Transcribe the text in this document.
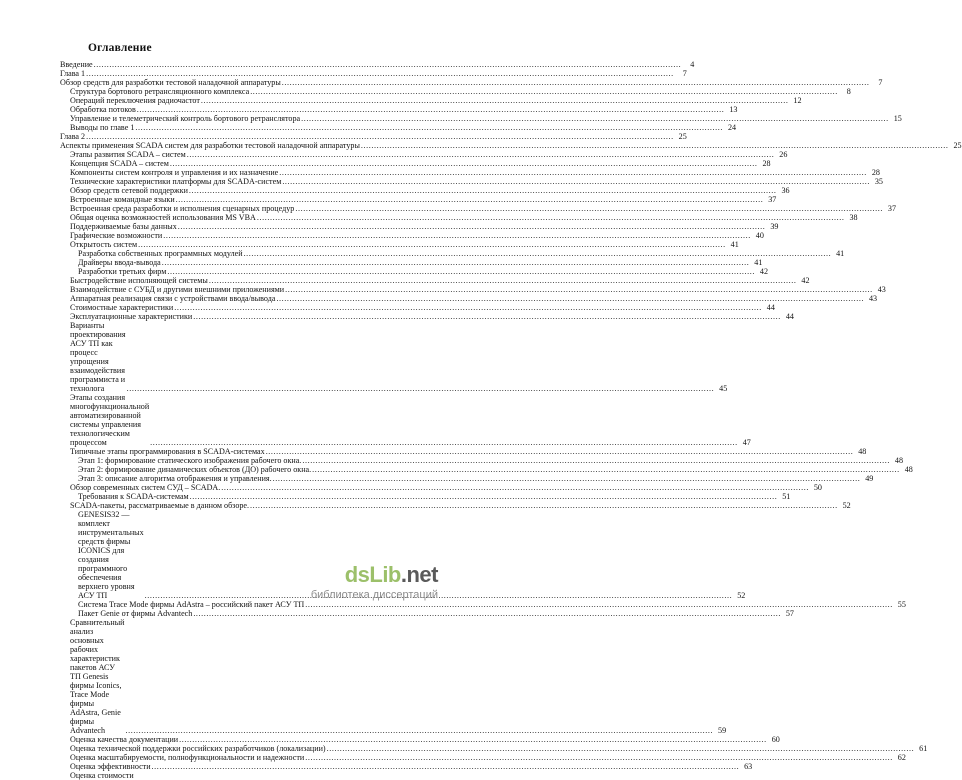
Оглавление
Введение .....	4
Глава 1 .....	7
Обзор средств для разработки тестовой наладочной аппаратуры .....	7
Структура бортового ретрансляционного комплекса .....	8
Операций переключения радиочастот .....	12
Обработка потоков .....	13
Управление и телеметрический контроль бортового ретранслятора .....	15
Выводы по главе 1 .....	24
Глава 2 .....	25
Аспекты применения SCADA систем для разработки тестовой наладочной аппаратуры .....	25
Этапы развития SCADA – систем .....	26
Концепция SCADA – систем .....	28
Компоненты систем контроля и управления и их назначение .....	28
Технические характеристики платформы для SCADA-систем .....	35
Обзор средств сетевой поддержки .....	36
Встроенные командные языки .....	37
Встроенная среда разработки и исполнения сценарных процедур .....	37
Общая оценка возможностей использования MS VBA .....	38
Поддерживаемые базы данных .....	39
Графические возможности .....	40
Открытость систем .....	41
Разработка собственных программных модулей .....	41
Драйверы ввода-вывода .....	41
Разработки третьих фирм .....	42
Быстродействие исполняющей системы .....	42
Взаимодействие с СУБД и другими внешними приложениями .....	43
Аппаратная реализация связи с устройствами ввода/вывода .....	43
Стоимостные характеристики .....	44
Эксплуатационные характеристики .....	44
Варианты проектирования АСУ ТП как процесс упрощения взаимодействия программиста и технолога .....	45
Этапы создания многофункциональной автоматизированной системы управления технологическим процессом .....	47
Типичные этапы программирования в SCADA-системах .....	48
Этап 1: формирование статического изображения рабочего окна. .....	48
Этап 2: формирование динамических объектов (ДО) рабочего окна. .....	48
Этап 3: описание алгоритма отображения и управления. .....	49
Обзор современных систем СУД – SCADA. .....	50
Требования к SCADA-системам .....	51
SCADA-пакеты, рассматриваемые в данном обзоре. .....	52
GENESIS32 — комплект инструментальных средств фирмы ICONICS для создания программного обеспечения верхнего уровня АСУ ТП .....	52
Система Trace Mode фирмы AdAstra – российский пакет АСУ ТП .....	55
Пакет Genie от фирмы Advantech .....	57
Сравнительный анализ основных рабочих характеристик пакетов АСУ ТП Genesis фирмы Iconics, Trace Mode фирмы AdAstra, Genie фирмы Advantech .....	59
Оценка качества документации .....	60
Оценка технической поддержки российских разработчиков (локализации) .....	61
Оценка масштабируемости, полнофункциональности и надежности .....	62
Оценка эффективности .....	63
Оценка стоимости
dsLib.net
библиотека диссертаций
